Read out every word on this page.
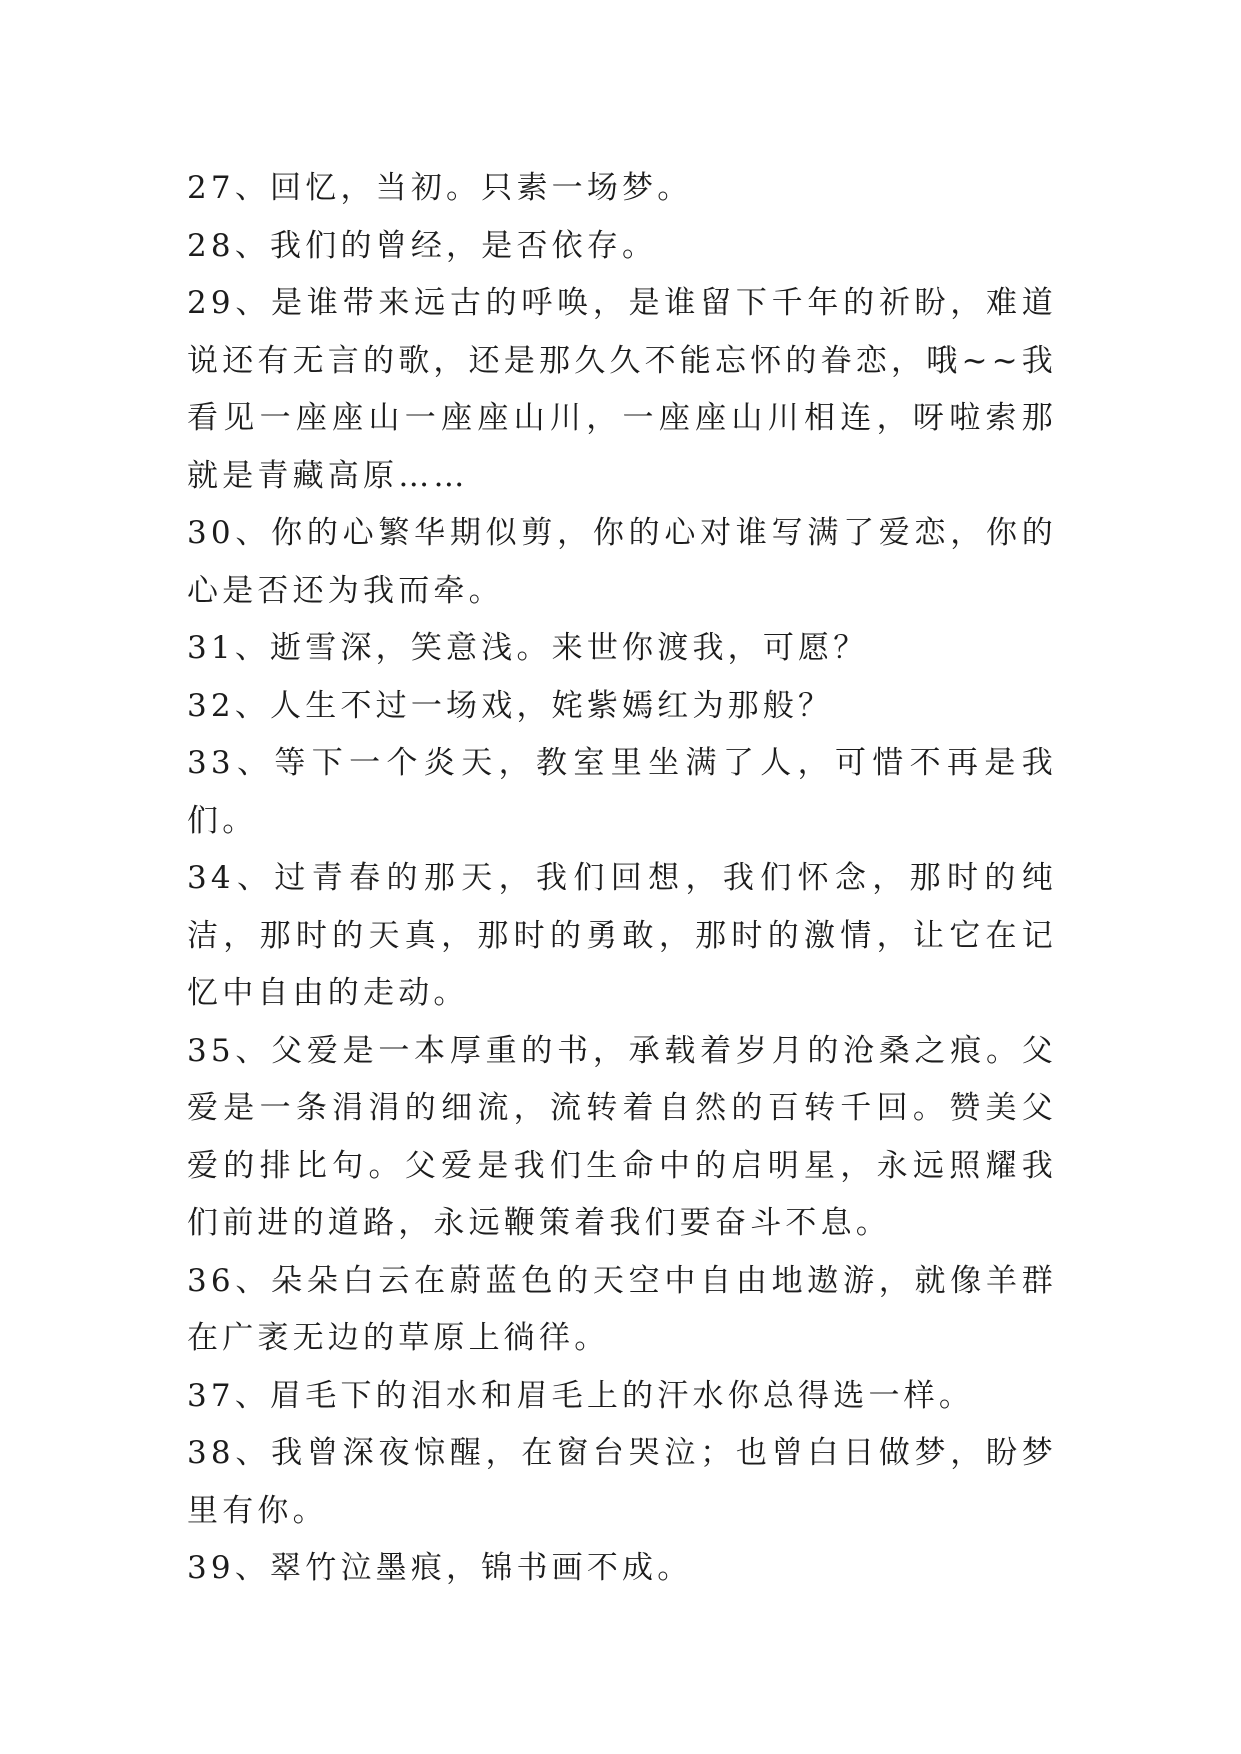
27、回忆，当初。只素一场梦。

28、我们的曾经，是否依存。

29、是谁带来远古的呼唤，是谁留下千年的祈盼，难道说还有无言的歌，还是那久久不能忘怀的眷恋，哦~~我看见一座座山一座座山川，一座座山川相连，呀啦索那就是青藏高原……

30、你的心繁华期似剪，你的心对谁写满了爱恋，你的心是否还为我而牵。

31、逝雪深，笑意浅。来世你渡我，可愿？

32、人生不过一场戏，姹紫嫣红为那般？

33、等下一个炎天，教室里坐满了人，可惜不再是我们。

34、过青春的那天，我们回想，我们怀念，那时的纯洁，那时的天真，那时的勇敢，那时的激情，让它在记忆中自由的走动。

35、父爱是一本厚重的书，承载着岁月的沧桑之痕。父爱是一条涓涓的细流，流转着自然的百转千回。赞美父爱的排比句。父爱是我们生命中的启明星，永远照耀我们前进的道路，永远鞭策着我们要奋斗不息。

36、朵朵白云在蔚蓝色的天空中自由地遨游，就像羊群在广袤无边的草原上徜徉。

37、眉毛下的泪水和眉毛上的汗水你总得选一样。

38、我曾深夜惊醒，在窗台哭泣；也曾白日做梦，盼梦里有你。

39、翠竹泣墨痕，锦书画不成。
